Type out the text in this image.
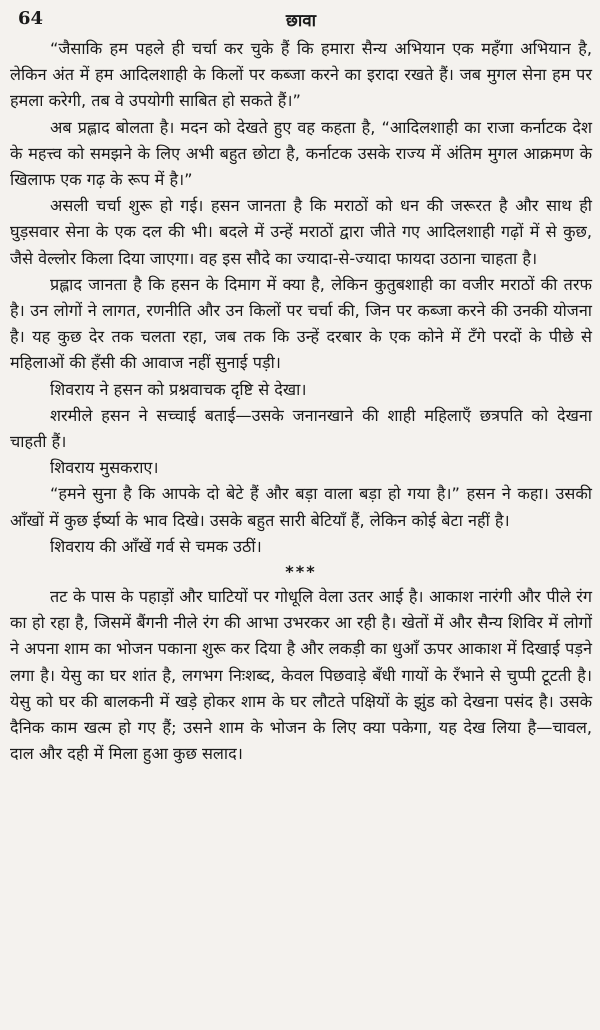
64	छावा

“जैसाकि हम पहले ही चर्चा कर चुके हैं कि हमारा सैन्य अभियान एक महँगा अभियान है, लेकिन अंत में हम आदिलशाही के किलों पर कब्जा करने का इरादा रखते हैं। जब मुगल सेना हम पर हमला करेगी, तब वे उपयोगी साबित हो सकते हैं।”

अब प्रह्लाद बोलता है। मदन को देखते हुए वह कहता है, “आदिलशाही का राजा कर्नाटक देश के महत्त्व को समझने के लिए अभी बहुत छोटा है, कर्नाटक उसके राज्य में अंतिम मुगल आक्रमण के खिलाफ एक गढ़ के रूप में है।”

असली चर्चा शुरू हो गई। हसन जानता है कि मराठों को धन की जरूरत है और साथ ही घुड़सवार सेना के एक दल की भी। बदले में उन्हें मराठों द्वारा जीते गए आदिलशाही गढ़ों में से कुछ, जैसे वेल्लोर किला दिया जाएगा। वह इस सौदे का ज्यादा-से-ज्यादा फायदा उठाना चाहता है।

प्रह्लाद जानता है कि हसन के दिमाग में क्या है, लेकिन कुतुबशाही का वजीर मराठों की तरफ है। उन लोगों ने लागत, रणनीति और उन किलों पर चर्चा की, जिन पर कब्जा करने की उनकी योजना है। यह कुछ देर तक चलता रहा, जब तक कि उन्हें दरबार के एक कोने में टँगे परदों के पीछे से महिलाओं की हँसी की आवाज नहीं सुनाई पड़ी।

शिवराय ने हसन को प्रश्नवाचक दृष्टि से देखा।

शरमीले हसन ने सच्चाई बताई—उसके जनानखाने की शाही महिलाएँ छत्रपति को देखना चाहती हैं।

शिवराय मुसकराए।

“हमने सुना है कि आपके दो बेटे हैं और बड़ा वाला बड़ा हो गया है।” हसन ने कहा। उसकी आँखों में कुछ ईर्ष्या के भाव दिखे। उसके बहुत सारी बेटियाँ हैं, लेकिन कोई बेटा नहीं है।

शिवराय की आँखें गर्व से चमक उठीं।

***

तट के पास के पहाड़ों और घाटियों पर गोधूलि वेला उतर आई है। आकाश नारंगी और पीले रंग का हो रहा है, जिसमें बैंगनी नीले रंग की आभा उभरकर आ रही है। खेतों में और सैन्य शिविर में लोगों ने अपना शाम का भोजन पकाना शुरू कर दिया है और लकड़ी का धुआँ ऊपर आकाश में दिखाई पड़ने लगा है। येसु का घर शांत है, लगभग निःशब्द, केवल पिछवाड़े बँधी गायों के रँभाने से चुप्पी टूटती है। येसु को घर की बालकनी में खड़े होकर शाम के घर लौटते पक्षियों के झुंड को देखना पसंद है। उसके दैनिक काम खत्म हो गए हैं; उसने शाम के भोजन के लिए क्या पकेगा, यह देख लिया है—चावल, दाल और दही में मिला हुआ कुछ सलाद।
